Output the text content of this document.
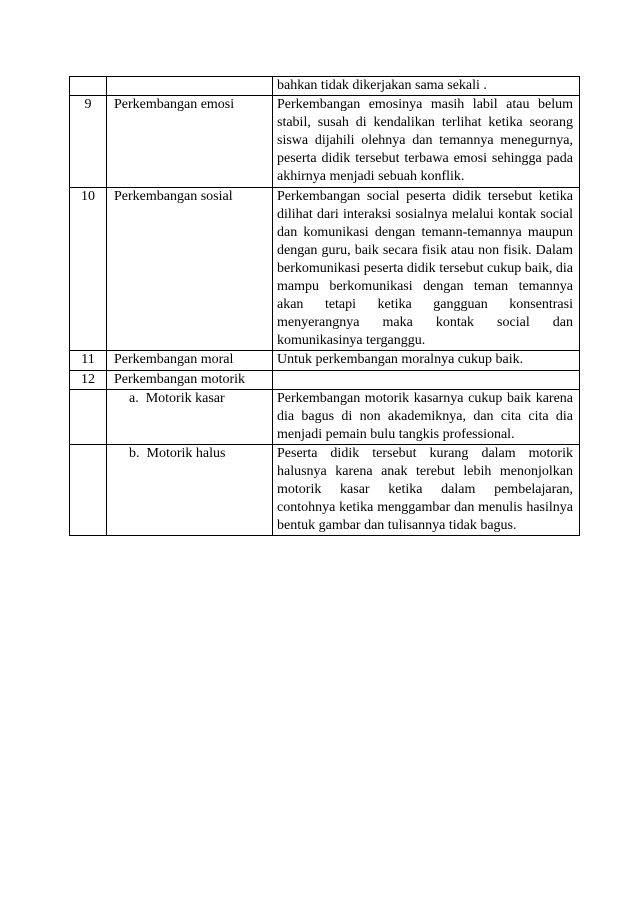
		bahkan tidak dikerjakan sama sekali .
9	Perkembangan emosi	Perkembangan emosinya masih labil atau belum stabil, susah di kendalikan terlihat ketika seorang siswa dijahili olehnya dan temannya menegurnya, peserta didik tersebut terbawa emosi sehingga pada akhirnya menjadi sebuah konflik.
10	Perkembangan sosial	Perkembangan social peserta didik tersebut ketika dilihat dari interaksi sosialnya melalui kontak social dan komunikasi dengan temann-temannya maupun dengan guru, baik secara fisik atau non fisik. Dalam berkomunikasi peserta didik tersebut cukup baik, dia mampu berkomunikasi dengan teman temannya akan tetapi ketika gangguan konsentrasi menyerangnya maka kontak social dan komunikasinya terganggu.
11	Perkembangan moral	Untuk perkembangan moralnya cukup baik.
12	Perkembangan motorik	
	a.  Motorik kasar	Perkembangan motorik kasarnya cukup baik karena dia bagus di non akademiknya, dan cita cita dia menjadi pemain bulu tangkis professional.
	b.  Motorik halus	Peserta didik tersebut kurang dalam motorik halusnya karena anak terebut lebih menonjolkan motorik kasar ketika dalam pembelajaran, contohnya ketika menggambar dan menulis hasilnya bentuk gambar dan tulisannya tidak bagus.
